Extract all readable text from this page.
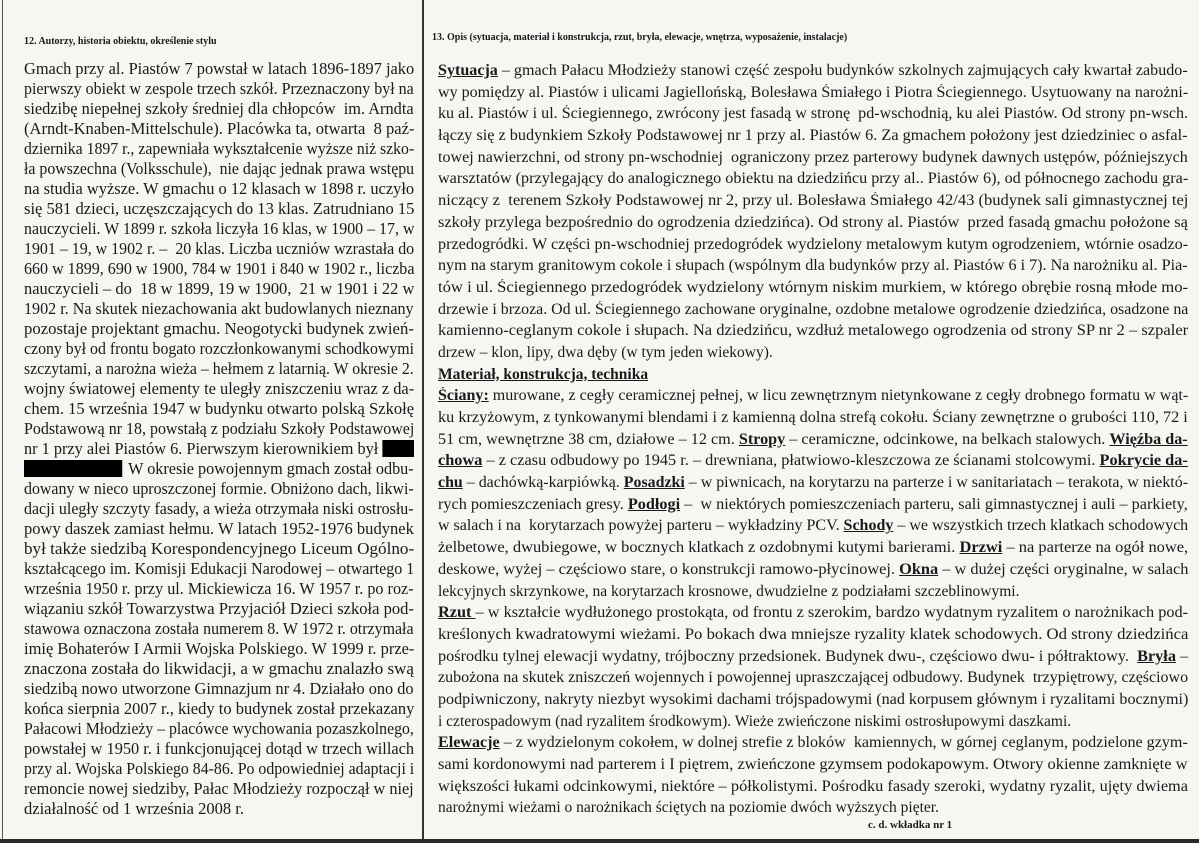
12. Autorzy, historia obiektu, określenie stylu
Gmach przy al. Piastów 7 powstał w latach 1896-1897 jako
pierwszy obiekt w zespole trzech szkół. Przeznaczony był na
siedzibę niepełnej szkoły średniej dla chłopców  im. Arndta
(Arndt-Knaben-Mittelschule). Placówka ta, otwarta  8 paź-
dziernika 1897 r., zapewniała wykształcenie wyższe niż szko-
ła powszechna (Volksschule),  nie dając jednak prawa wstępu
na studia wyższe. W gmachu o 12 klasach w 1898 r. uczyło
się 581 dzieci, uczęszczających do 13 klas. Zatrudniano 15
nauczycieli. W 1899 r. szkoła liczyła 16 klas, w 1900 – 17, w
1901 – 19, w 1902 r. –  20 klas. Liczba uczniów wzrastała do
660 w 1899, 690 w 1900, 784 w 1901 i 840 w 1902 r., liczba
nauczycieli – do  18 w 1899, 19 w 1900,  21 w 1901 i 22 w
1902 r. Na skutek niezachowania akt budowlanych nieznany
pozostaje projektant gmachu. Neogotycki budynek zwień-
czony był od frontu bogato rozczłonkowanymi schodkowymi
szczytami, a narożna wieża – hełmem z latarnią. W okresie 2.
wojny światowej elementy te uległy zniszczeniu wraz z da-
chem. 15 września 1947 w budynku otwarto polską Szkołę
Podstawową nr 18, powstałą z podziału Szkoły Podstawowej
nr 1 przy alei Piastów 6. Pierwszym kierownikiem był
W okresie powojennym gmach został odbu-
dowany w nieco uproszczonej formie. Obniżono dach, likwi-
dacji uległy szczyty fasady, a wieża otrzymała niski ostrosłu-
powy daszek zamiast hełmu. W latach 1952-1976 budynek
był także siedzibą Korespondencyjnego Liceum Ogólno-
kształcącego im. Komisji Edukacji Narodowej – otwartego 1
września 1950 r. przy ul. Mickiewicza 16. W 1957 r. po roz-
wiązaniu szkół Towarzystwa Przyjaciół Dzieci szkoła pod-
stawowa oznaczona została numerem 8. W 1972 r. otrzymała
imię Bohaterów I Armii Wojska Polskiego. W 1999 r. prze-
znaczona została do likwidacji, a w gmachu znalazło swą
siedzibą nowo utworzone Gimnazjum nr 4. Działało ono do
końca sierpnia 2007 r., kiedy to budynek został przekazany
Pałacowi Młodzieży – placówce wychowania pozaszkolnego,
powstałej w 1950 r. i funkcjonującej dotąd w trzech willach
przy al. Wojska Polskiego 84-86. Po odpowiedniej adaptacji i
remoncie nowej siedziby, Pałac Młodzieży rozpoczął w niej
działalność od 1 września 2008 r.
13. Opis (sytuacja, materiał i konstrukcja, rzut, bryła, elewacje, wnętrza, wyposażenie, instalacje)
Sytuacja – gmach Pałacu Młodzieży stanowi część zespołu budynków szkolnych zajmujących cały kwartał zabudo-
wy pomiędzy al. Piastów i ulicami Jagiellońską, Bolesława Śmiałego i Piotra Ściegiennego. Usytuowany na narożni-
ku al. Piastów i ul. Ściegiennego, zwrócony jest fasadą w stronę  pd-wschodnią, ku alei Piastów. Od strony pn-wsch.
łączy się z budynkiem Szkoły Podstawowej nr 1 przy al. Piastów 6. Za gmachem położony jest dziedziniec o asfal-
towej nawierzchni, od strony pn-wschodniej  ograniczony przez parterowy budynek dawnych ustępów, późniejszych
warsztatów (przylegający do analogicznego obiektu na dziedzińcu przy al.. Piastów 6), od północnego zachodu gra-
niczący z  terenem Szkoły Podstawowej nr 2, przy ul. Bolesława Śmiałego 42/43 (budynek sali gimnastycznej tej
szkoły przylega bezpośrednio do ogrodzenia dziedzińca). Od strony al. Piastów  przed fasadą gmachu położone są
przedogródki. W części pn-wschodniej przedogródek wydzielony metalowym kutym ogrodzeniem, wtórnie osadzo-
nym na starym granitowym cokole i słupach (wspólnym dla budynków przy al. Piastów 6 i 7). Na narożniku al. Pia-
tów i ul. Ściegiennego przedogródek wydzielony wtórnym niskim murkiem, w którego obrębie rosną młode mo-
drzewie i brzoza. Od ul. Ściegiennego zachowane oryginalne, ozdobne metalowe ogrodzenie dziedzińca, osadzone na
kamienno-ceglanym cokole i słupach. Na dziedzińcu, wzdłuż metalowego ogrodzenia od strony SP nr 2 – szpaler
drzew – klon, lipy, dwa dęby (w tym jeden wiekowy).
Materiał, konstrukcja, technika
Ściany: murowane, z cegły ceramicznej pełnej, w licu zewnętrznym nietynkowane z cegły drobnego formatu w wąt-
ku krzyżowym, z tynkowanymi blendami i z kamienną dolna strefą cokołu. Ściany zewnętrzne o grubości 110, 72 i
51 cm, wewnętrzne 38 cm, działowe – 12 cm. Stropy – ceramiczne, odcinkowe, na belkach stalowych. Więźba da-
chowa – z czasu odbudowy po 1945 r. – drewniana, płatwiowo-kleszczowa ze ścianami stolcowymi. Pokrycie da-
chu – dachówką-karpiówką. Posadzki – w piwnicach, na korytarzu na parterze i w sanitariatach – terakota, w niektó-
rych pomieszczeniach gresy. Podłogi –  w niektórych pomieszczeniach parteru, sali gimnastycznej i auli – parkiety,
w salach i na  korytarzach powyżej parteru – wykładziny PCV. Schody – we wszystkich trzech klatkach schodowych
żelbetowe, dwubiegowe, w bocznych klatkach z ozdobnymi kutymi barierami. Drzwi – na parterze na ogół nowe,
deskowe, wyżej – częściowo stare, o konstrukcji ramowo-płycinowej. Okna – w dużej części oryginalne, w salach
lekcyjnych skrzynkowe, na korytarzach krosnowe, dwudzielne z podziałami szczeblinowymi.
Rzut – w kształcie wydłużonego prostokąta, od frontu z szerokim, bardzo wydatnym ryzalitem o narożnikach pod-
kreślonych kwadratowymi wieżami. Po bokach dwa mniejsze ryzality klatek schodowych. Od strony dziedzińca
pośrodku tylnej elewacji wydatny, trójboczny przedsionek. Budynek dwu-, częściowo dwu- i półtraktowy.  Bryła –
zubożona na skutek zniszczeń wojennych i powojennej upraszczającej odbudowy. Budynek  trzypiętrowy, częściowo
podpiwniczony, nakryty niezbyt wysokimi dachami trójspadowymi (nad korpusem głównym i ryzalitami bocznymi)
i czterospadowym (nad ryzalitem środkowym). Wieże zwieńczone niskimi ostrosłupowymi daszkami.
Elewacje – z wydzielonym cokołem, w dolnej strefie z bloków  kamiennych, w górnej ceglanym, podzielone gzym-
sami kordonowymi nad parterem i I piętrem, zwieńczone gzymsem podokapowym. Otwory okienne zamknięte w
większości łukami odcinkowymi, niektóre – półkolistymi. Pośrodku fasady szeroki, wydatny ryzalit, ujęty dwiema
narożnymi wieżami o narożnikach ściętych na poziomie dwóch wyższych pięter.
c. d. wkładka nr 1
